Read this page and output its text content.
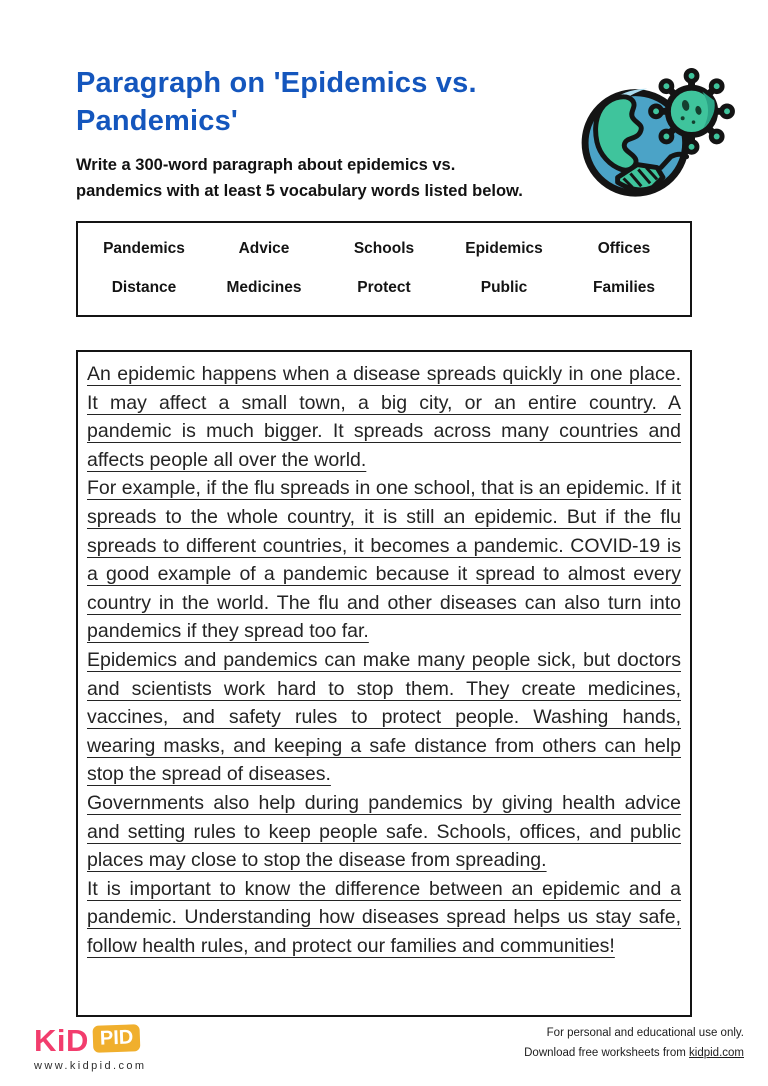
Paragraph on 'Epidemics vs. Pandemics'
Write a 300-word paragraph about epidemics vs.
pandemics with at least 5 vocabulary words listed below.
Pandemics	Advice	Schools	Epidemics	Offices
Distance	Medicines	Protect	Public	Families

An epidemic happens when a disease spreads quickly in one place. It may affect a small town, a big city, or an entire country. A pandemic is much bigger. It spreads across many countries and affects people all over the world.

For example, if the flu spreads in one school, that is an epidemic. If it spreads to the whole country, it is still an epidemic. But if the flu spreads to different countries, it becomes a pandemic. COVID-19 is a good example of a pandemic because it spread to almost every country in the world. The flu and other diseases can also turn into pandemics if they spread too far.

Epidemics and pandemics can make many people sick, but doctors and scientists work hard to stop them. They create medicines, vaccines, and safety rules to protect people. Washing hands, wearing masks, and keeping a safe distance from others can help stop the spread of diseases.

Governments also help during pandemics by giving health advice and setting rules to keep people safe. Schools, offices, and public places may close to stop the disease from spreading.

It is important to know the difference between an epidemic and a pandemic. Understanding how diseases spread helps us stay safe, follow health rules, and protect our families and communities!

KiD PID
www.kidpid.com
For personal and educational use only.
Download free worksheets from kidpid.com
